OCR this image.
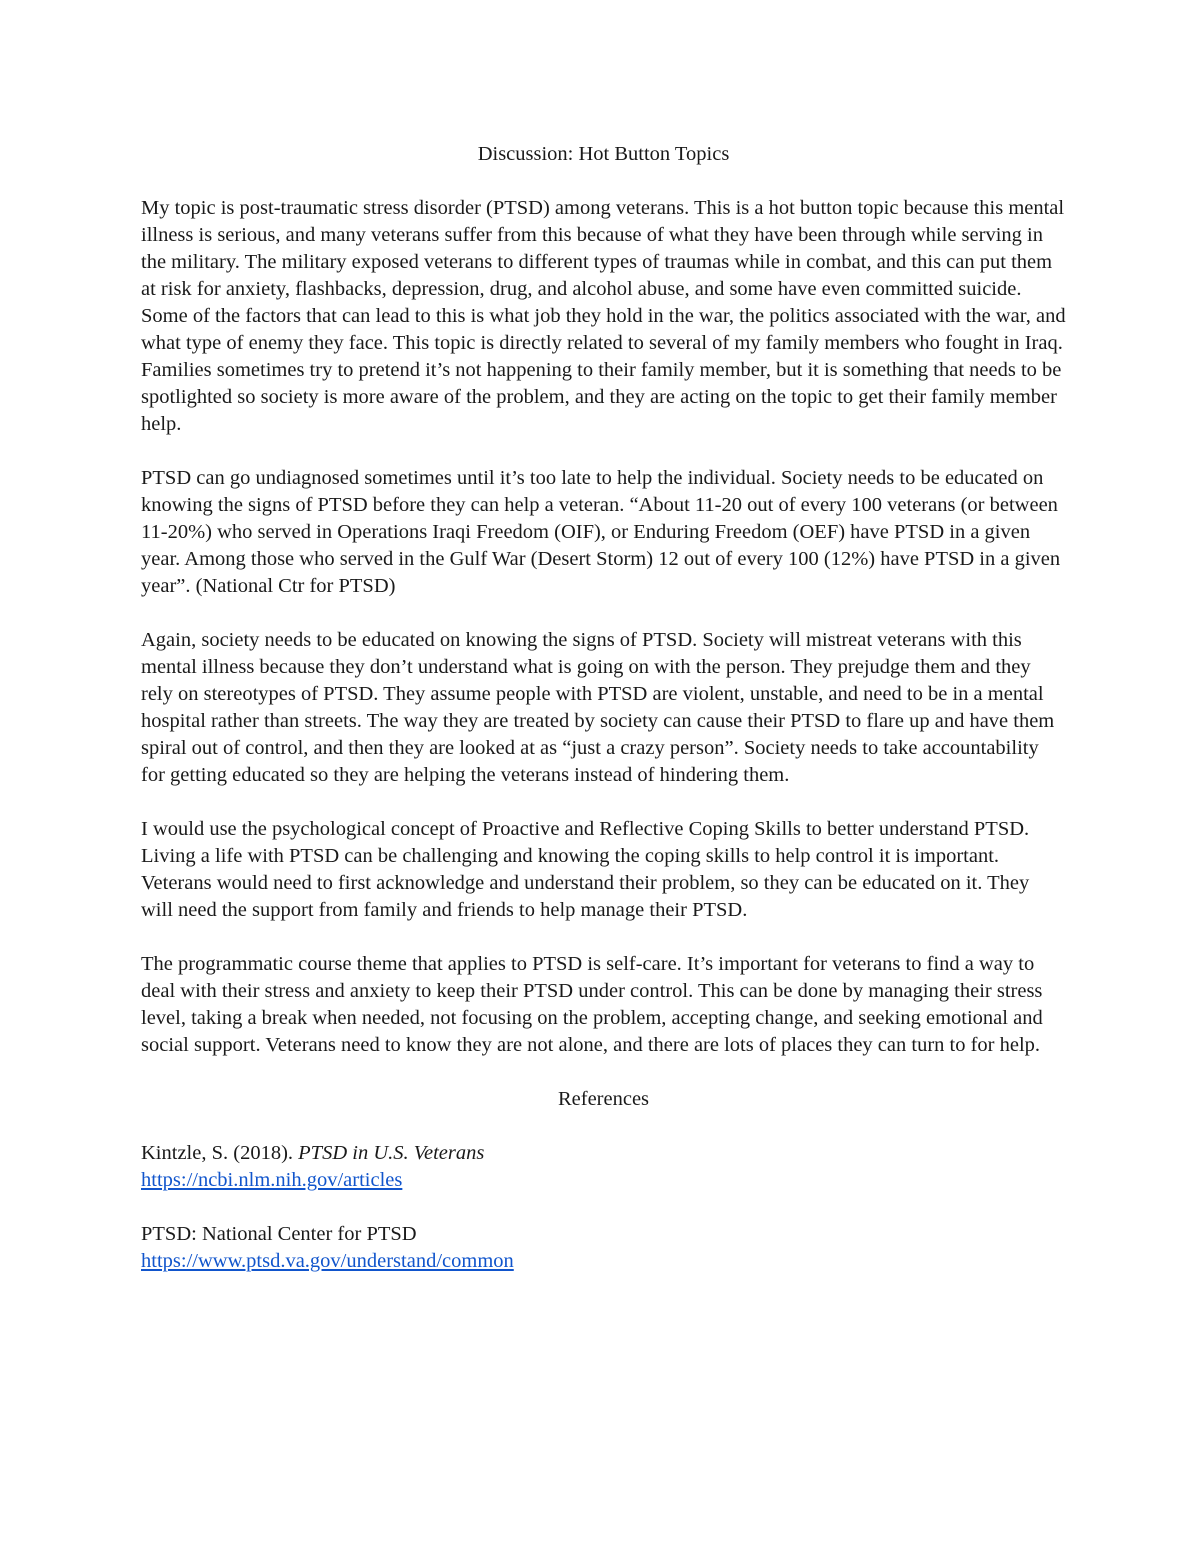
Discussion: Hot Button Topics

My topic is post-traumatic stress disorder (PTSD) among veterans. This is a hot button topic because this mental illness is serious, and many veterans suffer from this because of what they have been through while serving in the military. The military exposed veterans to different types of traumas while in combat, and this can put them at risk for anxiety, flashbacks, depression, drug, and alcohol abuse, and some have even committed suicide. Some of the factors that can lead to this is what job they hold in the war, the politics associated with the war, and what type of enemy they face. This topic is directly related to several of my family members who fought in Iraq. Families sometimes try to pretend it’s not happening to their family member, but it is something that needs to be spotlighted so society is more aware of the problem, and they are acting on the topic to get their family member help.

PTSD can go undiagnosed sometimes until it’s too late to help the individual. Society needs to be educated on knowing the signs of PTSD before they can help a veteran. “About 11-20 out of every 100 veterans (or between 11-20%) who served in Operations Iraqi Freedom (OIF), or Enduring Freedom (OEF) have PTSD in a given year. Among those who served in the Gulf War (Desert Storm) 12 out of every 100 (12%) have PTSD in a given year”. (National Ctr for PTSD)

Again, society needs to be educated on knowing the signs of PTSD. Society will mistreat veterans with this mental illness because they don’t understand what is going on with the person. They prejudge them and they rely on stereotypes of PTSD. They assume people with PTSD are violent, unstable, and need to be in a mental hospital rather than streets. The way they are treated by society can cause their PTSD to flare up and have them spiral out of control, and then they are looked at as “just a crazy person”. Society needs to take accountability for getting educated so they are helping the veterans instead of hindering them.

I would use the psychological concept of Proactive and Reflective Coping Skills to better understand PTSD. Living a life with PTSD can be challenging and knowing the coping skills to help control it is important. Veterans would need to first acknowledge and understand their problem, so they can be educated on it. They will need the support from family and friends to help manage their PTSD.

The programmatic course theme that applies to PTSD is self-care. It’s important for veterans to find a way to deal with their stress and anxiety to keep their PTSD under control. This can be done by managing their stress level, taking a break when needed, not focusing on the problem, accepting change, and seeking emotional and social support. Veterans need to know they are not alone, and there are lots of places they can turn to for help.

References
Kintzle, S. (2018). PTSD in U.S. Veterans
https://ncbi.nlm.nih.gov/articles
PTSD: National Center for PTSD
https://www.ptsd.va.gov/understand/common
